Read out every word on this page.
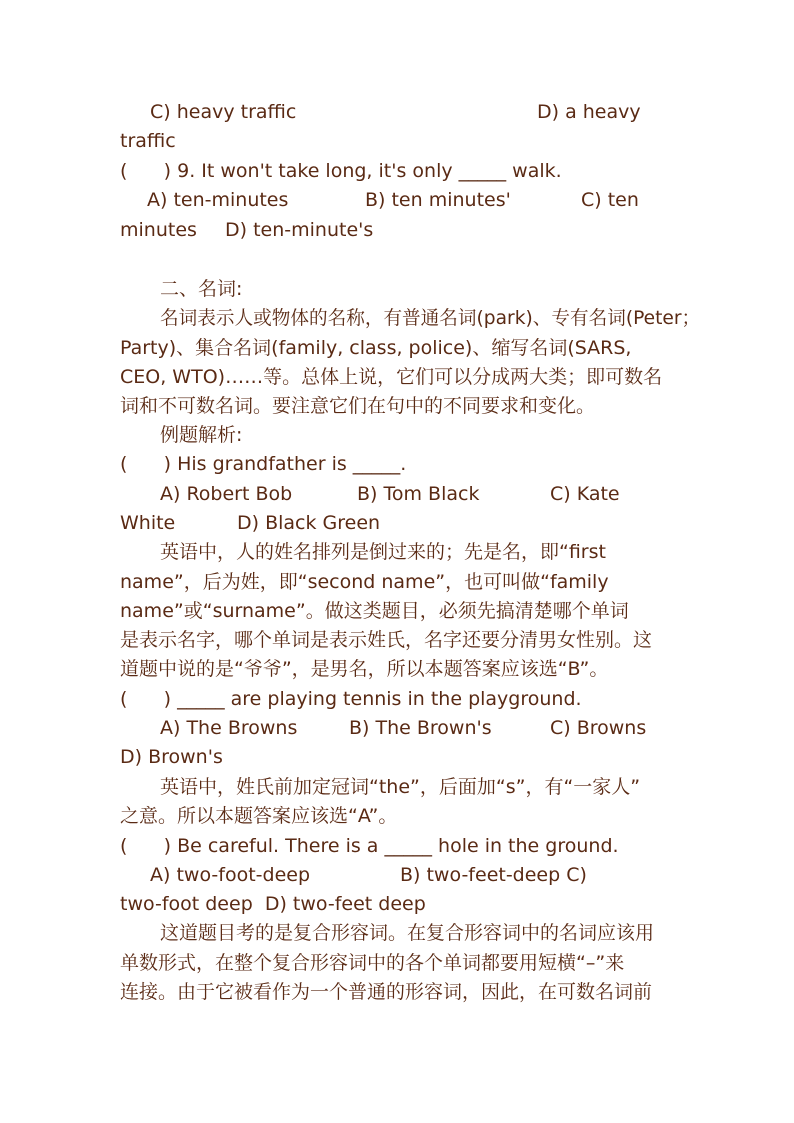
C) heavy traffic	D) a heavy
traffic
(      ) 9. It won't take long, it's only _____ walk.
A) ten-minutes	B) ten minutes'	C) ten
minutes D) ten-minute's
二、名词:
名词表示人或物体的名称，有普通名词(park)、专有名词(Peter；
Party)、集合名词(family, class, police)、缩写名词(SARS,
CEO, WTO)……等。总体上说，它们可以分成两大类；即可数名
词和不可数名词。要注意它们在句中的不同要求和变化。
例题解析:
(      ) His grandfather is _____.
A) Robert Bob	B) Tom Black	C) Kate
White	D) Black Green
英语中，人的姓名排列是倒过来的；先是名，即“first
name”，后为姓，即“second name”，也可叫做“family
name”或“surname”。做这类题目，必须先搞清楚哪个单词
是表示名字，哪个单词是表示姓氏，名字还要分清男女性别。这
道题中说的是“爷爷”，是男名，所以本题答案应该选“B”。
(      ) _____ are playing tennis in the playground.
A) The Browns	B) The Brown's	C) Browns
D) Brown's
英语中，姓氏前加定冠词“the”，后面加“s”，有“一家人”
之意。所以本题答案应该选“A”。
(      ) Be careful. There is a _____ hole in the ground.
A) two-foot-deep	B) two-feet-deep C)
two-foot deep  D) two-feet deep
这道题目考的是复合形容词。在复合形容词中的名词应该用
单数形式，在整个复合形容词中的各个单词都要用短横“–”来
连接。由于它被看作为一个普通的形容词，因此，在可数名词前
